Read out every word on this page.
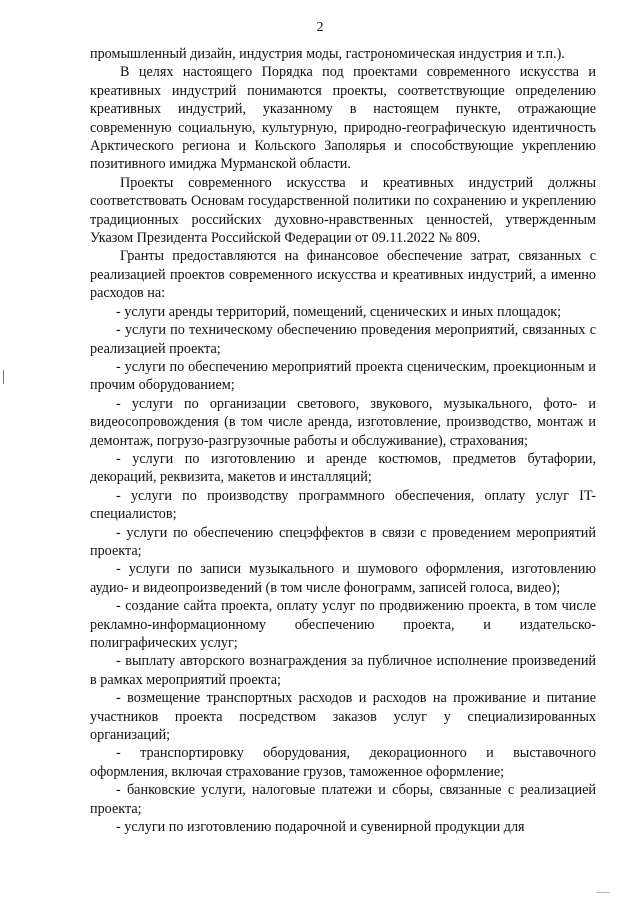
2

промышленный дизайн, индустрия моды, гастрономическая индустрия и т.п.).

В целях настоящего Порядка под проектами современного искусства и креативных индустрий понимаются проекты, соответствующие определению креативных индустрий, указанному в настоящем пункте, отражающие современную социальную, культурную, природно-географическую идентичность Арктического региона и Кольского Заполярья и способствующие укреплению позитивного имиджа Мурманской области.

Проекты современного искусства и креативных индустрий должны соответствовать Основам государственной политики по сохранению и укреплению традиционных российских духовно-нравственных ценностей, утвержденным Указом Президента Российской Федерации от 09.11.2022 № 809.

Гранты предоставляются на финансовое обеспечение затрат, связанных с реализацией проектов современного искусства и креативных индустрий, а именно расходов на:

- услуги аренды территорий, помещений, сценических и иных площадок;

- услуги по техническому обеспечению проведения мероприятий, связанных с реализацией проекта;

- услуги по обеспечению мероприятий проекта сценическим, проекционным и прочим оборудованием;

- услуги по организации светового, звукового, музыкального, фото- и видеосопровождения (в том числе аренда, изготовление, производство, монтаж и демонтаж, погрузо-разгрузочные работы и обслуживание), страхования;

- услуги по изготовлению и аренде костюмов, предметов бутафории, декораций, реквизита, макетов и инсталляций;

- услуги по производству программного обеспечения, оплату услуг IT-специалистов;

- услуги по обеспечению спецэффектов в связи с проведением мероприятий проекта;

- услуги по записи музыкального и шумового оформления, изготовлению аудио- и видеопроизведений (в том числе фонограмм, записей голоса, видео);

- создание сайта проекта, оплату услуг по продвижению проекта, в том числе рекламно-информационному обеспечению проекта, и издательско-полиграфических услуг;

- выплату авторского вознаграждения за публичное исполнение произведений в рамках мероприятий проекта;

- возмещение транспортных расходов и расходов на проживание и питание участников проекта посредством заказов услуг у специализированных организаций;

- транспортировку оборудования, декорационного и выставочного оформления, включая страхование грузов, таможенное оформление;

- банковские услуги, налоговые платежи и сборы, связанные с реализацией проекта;

- услуги по изготовлению подарочной и сувенирной продукции для
